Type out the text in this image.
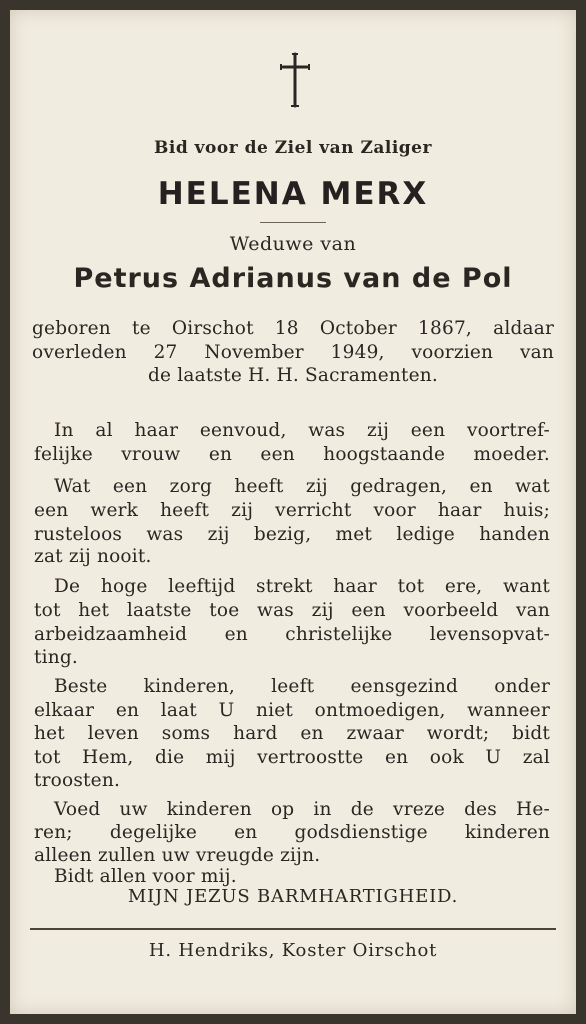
Bid voor de Ziel van Zaliger
HELENA MERX
Weduwe van
Petrus Adrianus van de Pol
geboren te Oirschot 18 October 1867, aldaar
overleden 27 November 1949, voorzien van
de laatste H. H. Sacramenten.
In al haar eenvoud, was zij een voortref-
felijke vrouw en een hoogstaande moeder.
Wat een zorg heeft zij gedragen, en wat
een werk heeft zij verricht voor haar huis;
rusteloos was zij bezig, met ledige handen
zat zij nooit.
De hoge leeftijd strekt haar tot ere, want
tot het laatste toe was zij een voorbeeld van
arbeidzaamheid en christelijke levensopvat-
ting.
Beste kinderen, leeft eensgezind onder
elkaar en laat U niet ontmoedigen, wanneer
het leven soms hard en zwaar wordt; bidt
tot Hem, die mij vertroostte en ook U zal
troosten.
Voed uw kinderen op in de vreze des He-
ren; degelijke en godsdienstige kinderen
alleen zullen uw vreugde zijn.
Bidt allen voor mij.
MIJN JEZUS BARMHARTIGHEID.
H. Hendriks, Koster Oirschot
